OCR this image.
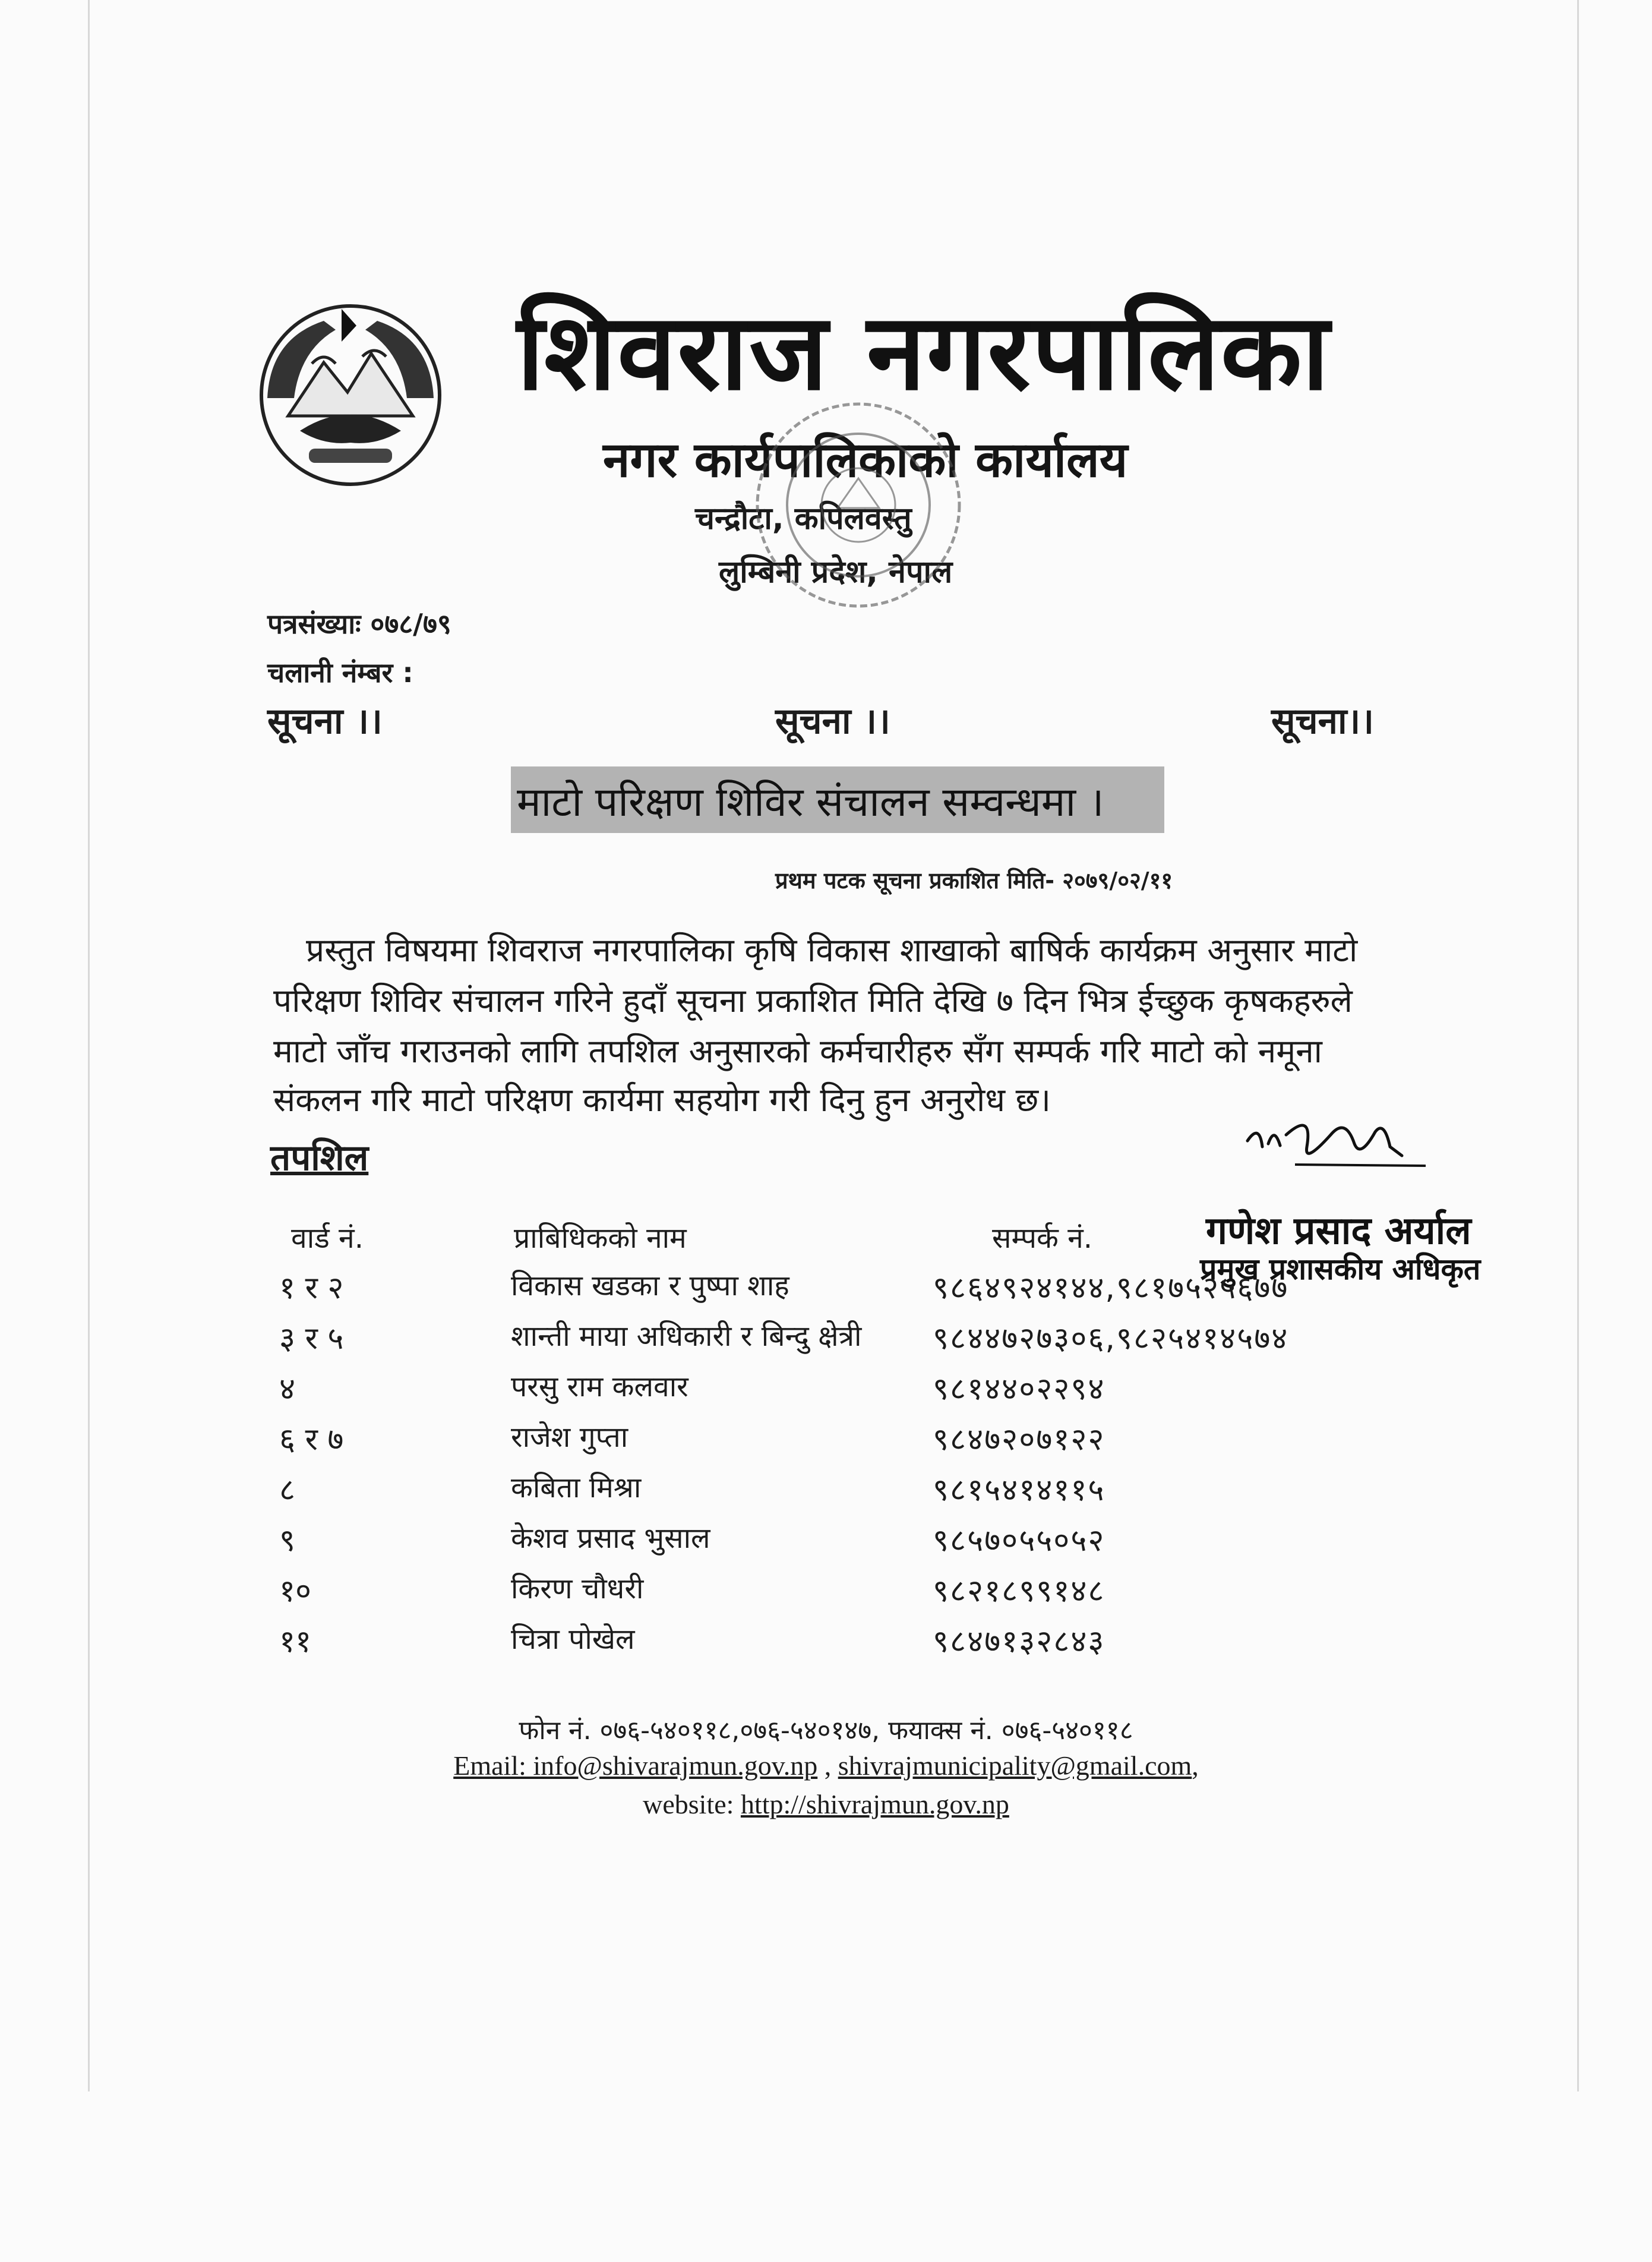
शिवराज नगरपालिका
नगर कार्यपालिकाको कार्यालय
चन्द्रौटा, कपिलवस्तु
लुम्बिनी प्रदेश, नेपाल
पत्रसंख्याः ०७८/७९
चलानी नंम्बर :
सूचना ।।	सूचना ।।	सूचना।।
माटो परिक्षण शिविर संचालन सम्वन्धमा ।
प्रथम पटक सूचना प्रकाशित मिति- २०७९/०२/११
प्रस्तुत विषयमा शिवराज नगरपालिका कृषि विकास शाखाको बाषिर्क कार्यक्रम अनुसार माटो
परिक्षण शिविर संचालन गरिने हुदाँ सूचना प्रकाशित मिति देखि ७ दिन भित्र ईच्छुक कृषकहरुले
माटो जाँच गराउनको लागि तपशिल अनुसारको कर्मचारीहरु सँग सम्पर्क गरि माटो को नमूना
संकलन गरि माटो परिक्षण कार्यमा सहयोग गरी दिनु हुन अनुरोध छ।
तपशिल
वार्ड नं.	प्राबिधिकको नाम	सम्पर्क नं.	गणेश प्रसाद अर्याल
प्रमुख प्रशासकीय अधिकृत
१ र २	विकास खडका र पुष्पा शाह	९८६४९२४१४४,९८१७५२५६७७
३ र ५	शान्ती माया अधिकारी र बिन्दु क्षेत्री ९८४४७२७३०६,९८२५४१४५७४
४	परसु राम कलवार	९८१४४०२२९४
६ र ७	राजेश गुप्ता	९८४७२०७१२२
८	कबिता मिश्रा	९८१५४१४११५
९	केशव प्रसाद भुसाल	९८५७०५५०५२
१०	किरण चौधरी	९८२१८९९१४८
११	चित्रा पोखेल	९८४७१३२८४३
फोन नं. ०७६-५४०११८,०७६-५४०१४७, फयाक्स नं. ०७६-५४०११८
Email: info@shivarajmun.gov.np , shivrajmunicipality@gmail.com,
website: http://shivrajmun.gov.np
